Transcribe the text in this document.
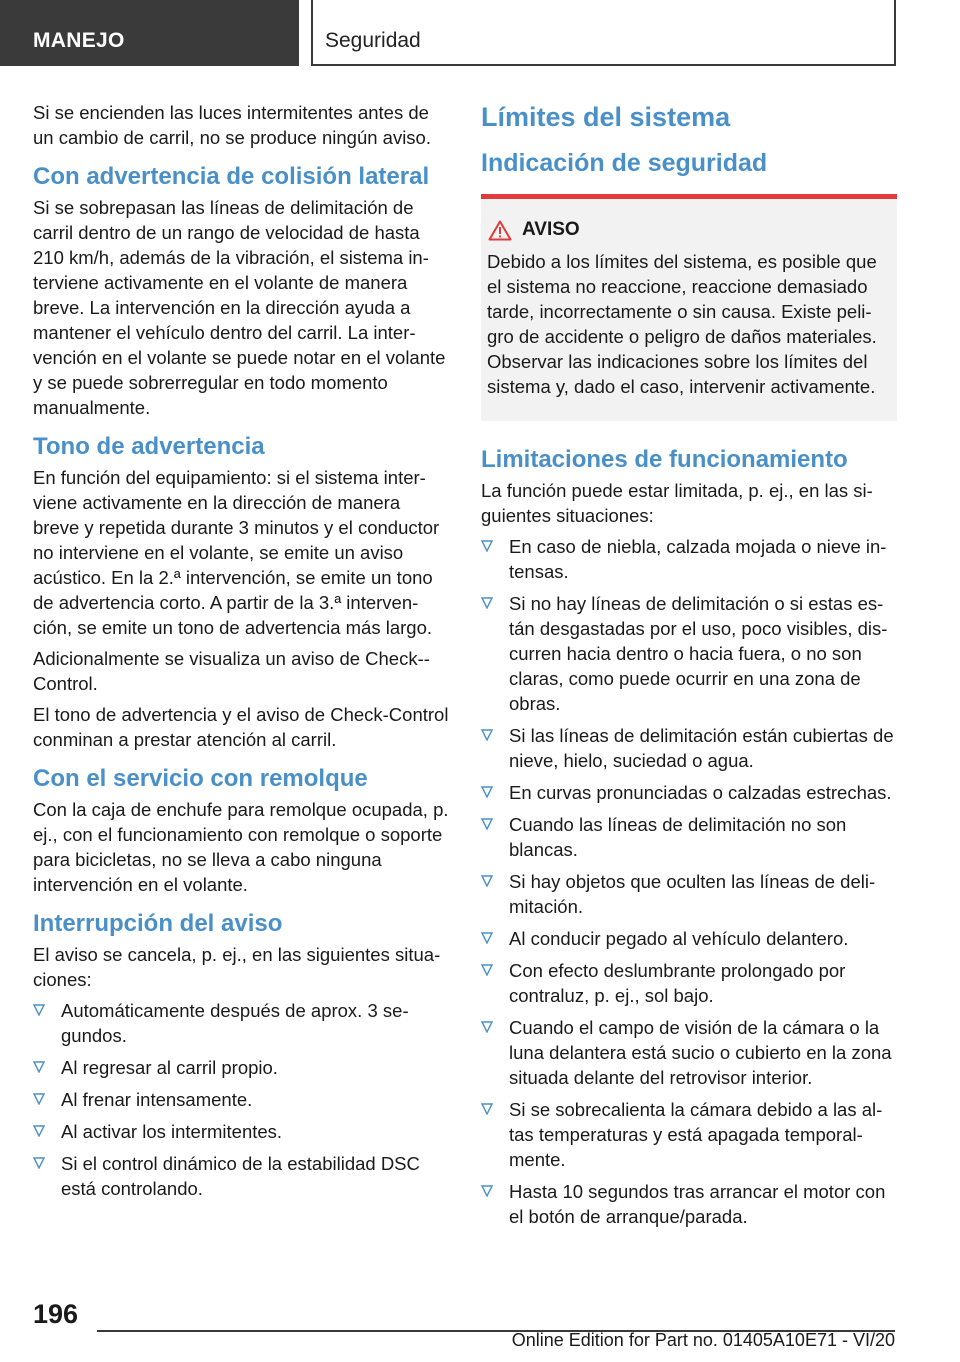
MANEJO	Seguridad

Si se encienden las luces intermitentes antes de un cambio de carril, no se produce ningún aviso.

Con advertencia de colisión lateral

Si se sobrepasan las líneas de delimitación de carril dentro de un rango de velocidad de hasta 210 km/h, además de la vibración, el sistema interviene activamente en el volante de manera breve. La intervención en la dirección ayuda a mantener el vehículo dentro del carril. La intervención en el volante se puede notar en el volante y se puede sobrerregular en todo momento manualmente.

Tono de advertencia

En función del equipamiento: si el sistema interviene activamente en la dirección de manera breve y repetida durante 3 minutos y el conductor no interviene en el volante, se emite un aviso acústico. En la 2.ª intervención, se emite un tono de advertencia corto. A partir de la 3.ª intervención, se emite un tono de advertencia más largo.

Adicionalmente se visualiza un aviso de Check-Control.

El tono de advertencia y el aviso de Check-Control conminan a prestar atención al carril.

Con el servicio con remolque

Con la caja de enchufe para remolque ocupada, p. ej., con el funcionamiento con remolque o soporte para bicicletas, no se lleva a cabo ninguna intervención en el volante.

Interrupción del aviso

El aviso se cancela, p. ej., en las siguientes situaciones:

Automáticamente después de aprox. 3 segundos.
Al regresar al carril propio.
Al frenar intensamente.
Al activar los intermitentes.
Si el control dinámico de la estabilidad DSC está controlando.
Límites del sistema
Indicación de seguridad
AVISO

Debido a los límites del sistema, es posible que el sistema no reaccione, reaccione demasiado tarde, incorrectamente o sin causa. Existe peligro de accidente o peligro de daños materiales. Observar las indicaciones sobre los límites del sistema y, dado el caso, intervenir activamente.

Limitaciones de funcionamiento

La función puede estar limitada, p. ej., en las siguientes situaciones:

En caso de niebla, calzada mojada o nieve intensas.
Si no hay líneas de delimitación o si estas están desgastadas por el uso, poco visibles, discurren hacia dentro o hacia fuera, o no son claras, como puede ocurrir en una zona de obras.
Si las líneas de delimitación están cubiertas de nieve, hielo, suciedad o agua.
En curvas pronunciadas o calzadas estrechas.
Cuando las líneas de delimitación no son blancas.
Si hay objetos que oculten las líneas de delimitación.
Al conducir pegado al vehículo delantero.
Con efecto deslumbrante prolongado por contraluz, p. ej., sol bajo.
Cuando el campo de visión de la cámara o la luna delantera está sucio o cubierto en la zona situada delante del retrovisor interior.
Si se sobrecalienta la cámara debido a las altas temperaturas y está apagada temporalmente.
Hasta 10 segundos tras arrancar el motor con el botón de arranque/parada.
196
Online Edition for Part no. 01405A10E71 - VI/20
